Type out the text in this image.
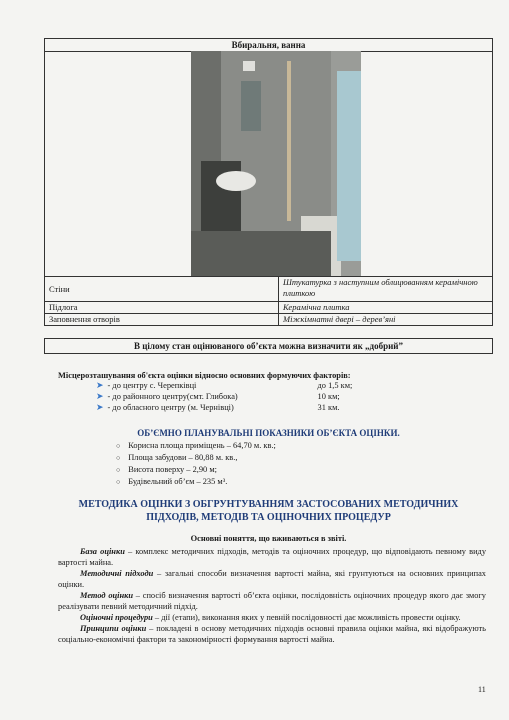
Вбиральня, ванна
Стіни	Штукатурка з наступним облицюванням керамічною плиткою
Підлога	Керамічна плитка
Заповнення отворів	Міжкімнатні двері – дерев’яні
В цілому стан оцінюваного об’єкта можна визначити як „добрий”
Місцерозташування об'єкта оцінки відносно основних формуючих факторів:
➤ - до центру с. Черепківці	до 1,5 км;
➤ - до районного центру(смт. Глибока)	10 км;
➤ - до обласного центру (м. Чернівці)	31 км.
ОБ’ЄМНО ПЛАНУВАЛЬНІ ПОКАЗНИКИ ОБ’ЄКТА ОЦІНКИ.
○ Корисна площа приміщень – 64,70 м. кв.;
○ Площа забудови – 80,88 м. кв.,
○ Висота поверху – 2,90 м;
○ Будівельний об’єм – 235 м³.
МЕТОДИКА ОЦІНКИ З ОБГРУНТУВАННЯМ ЗАСТОСОВАНИХ МЕТОДИЧНИХ
ПІДХОДІВ, МЕТОДІВ ТА ОЦІНОЧНИХ ПРОЦЕДУР
Основні поняття, що вживаються в звіті.
База оцінки – комплекс методичних підходів, методів та оціночних процедур, що відповідають певному виду вартості майна.
Методичні підходи – загальні способи визначення вартості майна, які грунтуються на основних принципах оцінки.
Метод оцінки – спосіб визначення вартості об’єкта оцінки, послідовність оціночних процедур якого дає змогу реалізувати певний методичний підхід.
Оціночні процедури – дії (етапи), виконання яких у певній послідовності дає можливість провести оцінку.
Принципи оцінки – покладені в основу методичних підходів основні правила оцінки майна, які відображують соціально-економічні фактори та закономірності формування вартості майна.
11
